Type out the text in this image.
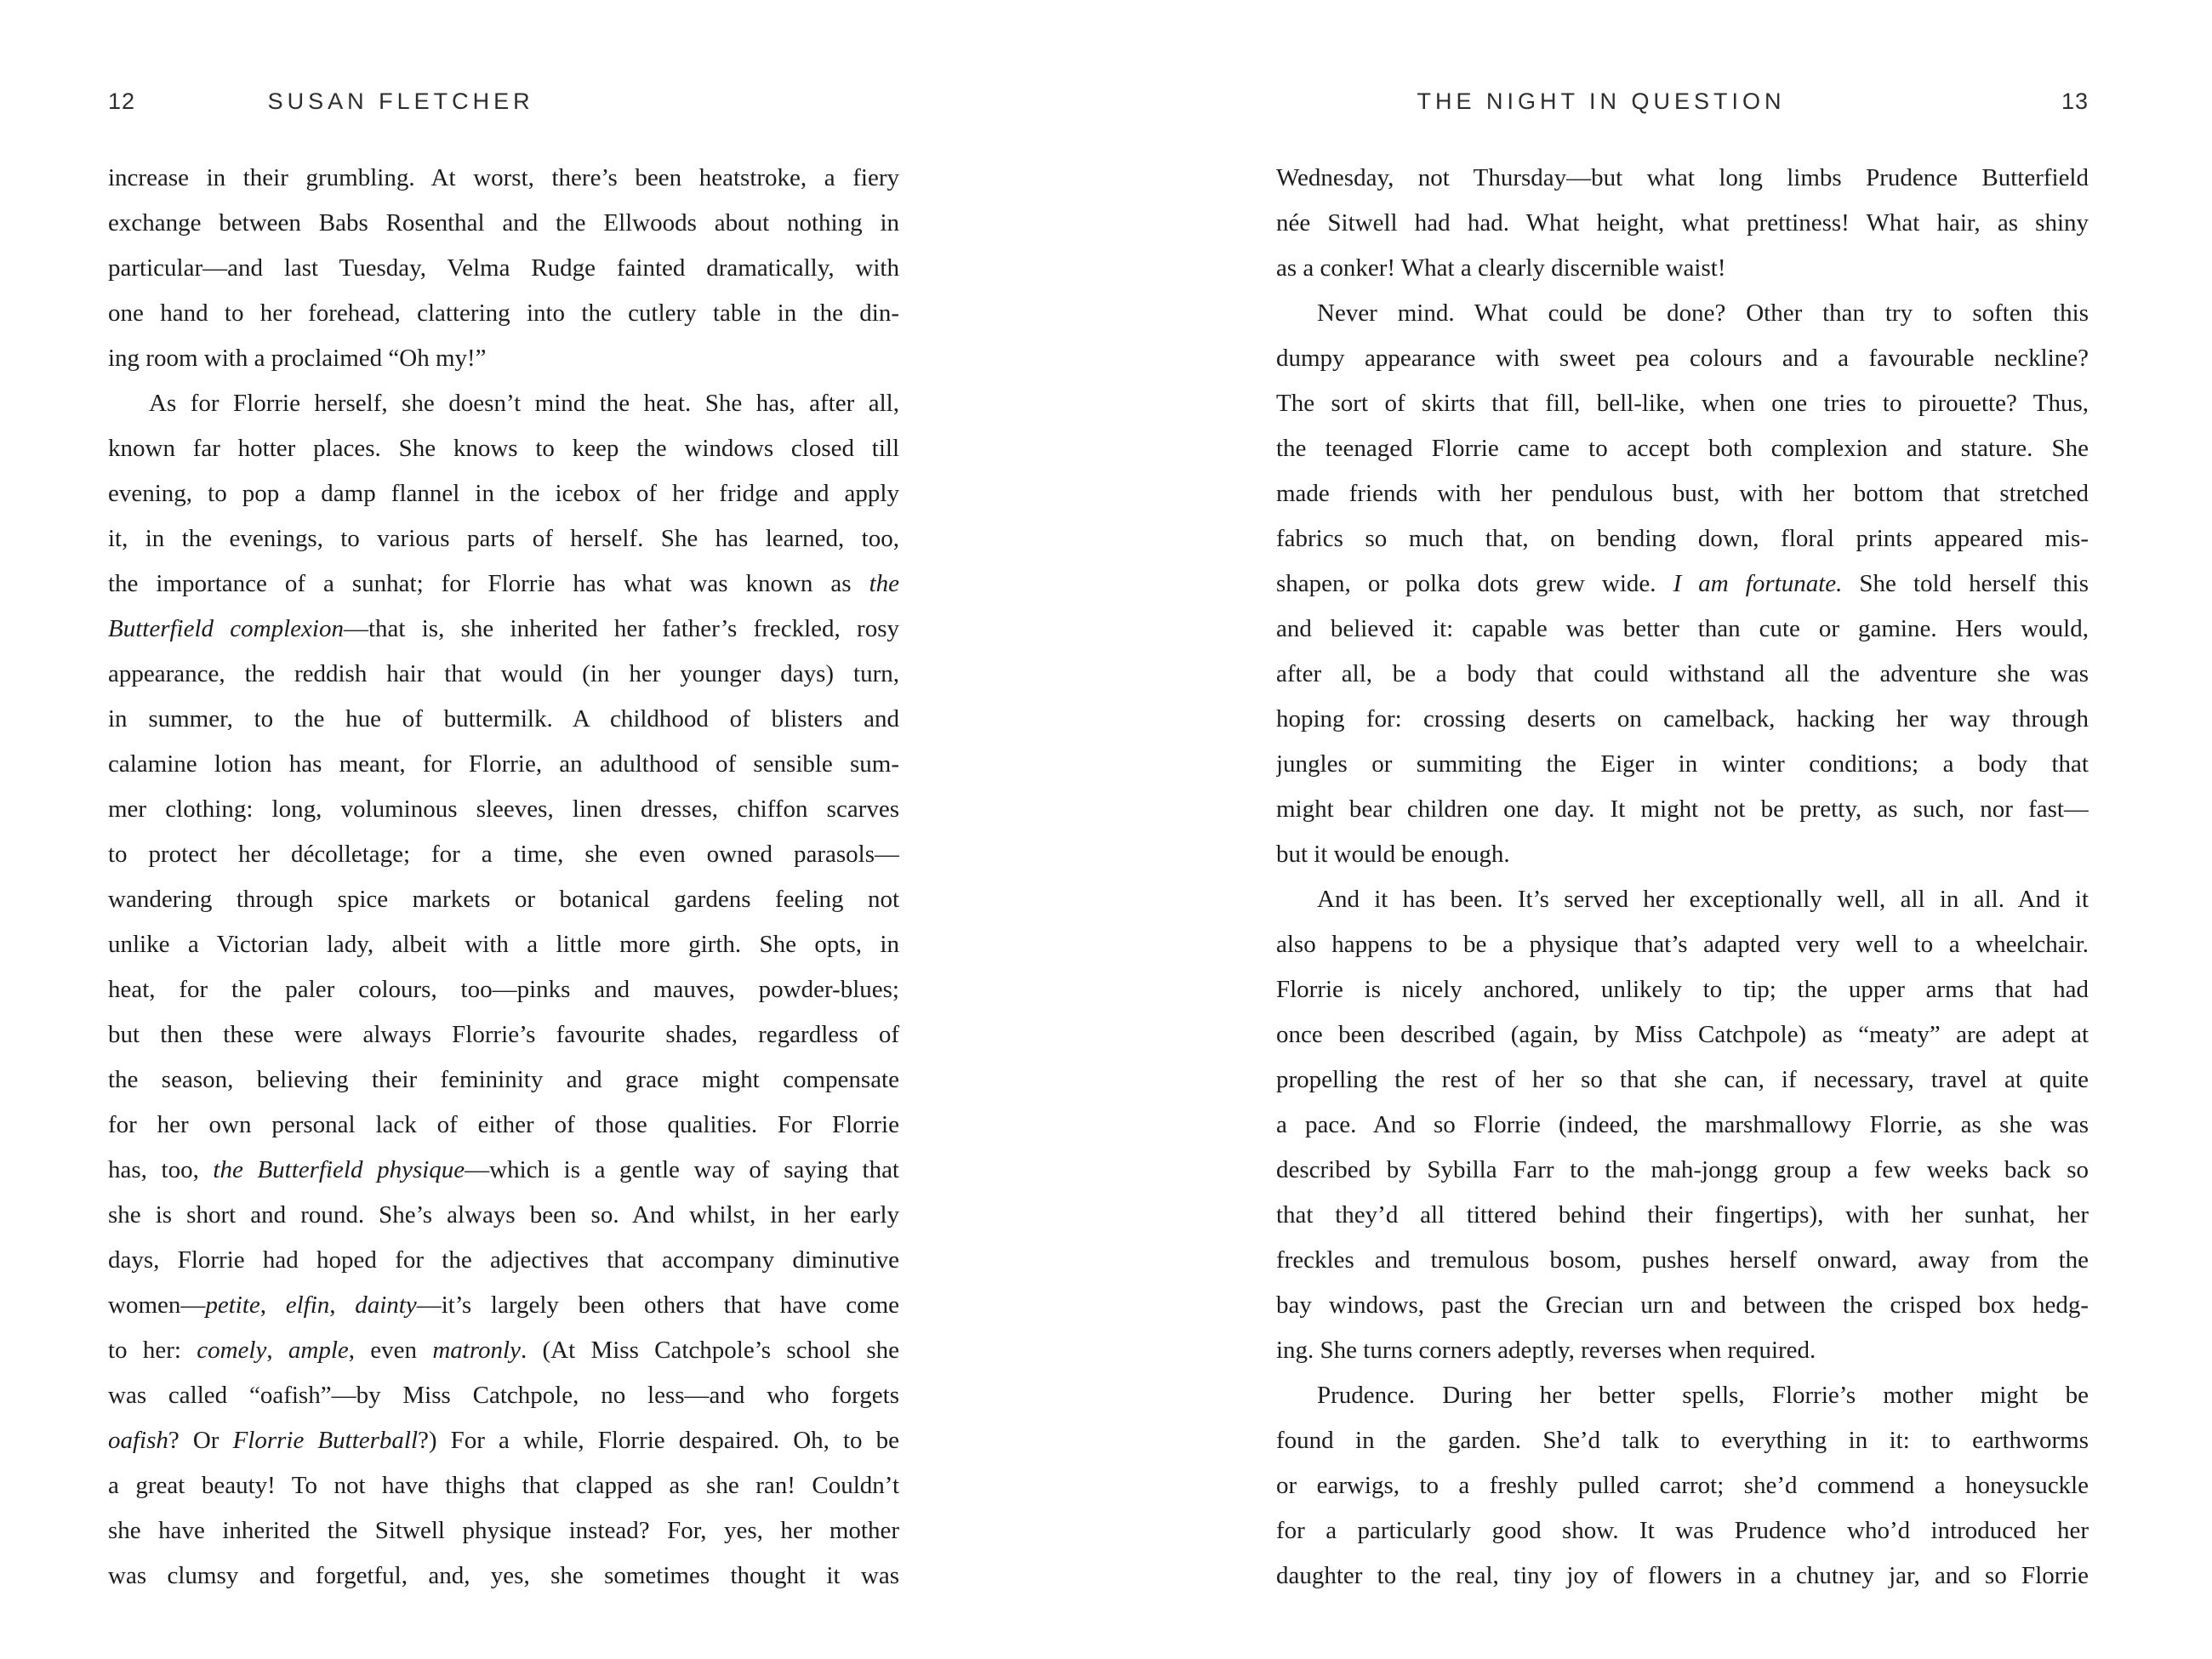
12	SUSAN FLETCHER
increase in their grumbling. At worst, there’s been heatstroke, a fiery
exchange between Babs Rosenthal and the Ellwoods about nothing in
particular—and last Tuesday, Velma Rudge fainted dramatically, with
one hand to her forehead, clattering into the cutlery table in the din-
ing room with a proclaimed “Oh my!”
As for Florrie herself, she doesn’t mind the heat. She has, after all,
known far hotter places. She knows to keep the windows closed till
evening, to pop a damp flannel in the icebox of her fridge and apply
it, in the evenings, to various parts of herself. She has learned, too,
the importance of a sunhat; for Florrie has what was known as the
Butterfield complexion—that is, she inherited her father’s freckled, rosy
appearance, the reddish hair that would (in her younger days) turn,
in summer, to the hue of buttermilk. A childhood of blisters and
calamine lotion has meant, for Florrie, an adulthood of sensible sum-
mer clothing: long, voluminous sleeves, linen dresses, chiffon scarves
to protect her décolletage; for a time, she even owned parasols—
wandering through spice markets or botanical gardens feeling not
unlike a Victorian lady, albeit with a little more girth. She opts, in
heat, for the paler colours, too—pinks and mauves, powder-blues;
but then these were always Florrie’s favourite shades, regardless of
the season, believing their femininity and grace might compensate
for her own personal lack of either of those qualities. For Florrie
has, too, the Butterfield physique—which is a gentle way of saying that
she is short and round. She’s always been so. And whilst, in her early
days, Florrie had hoped for the adjectives that accompany diminutive
women—petite, elfin, dainty—it’s largely been others that have come
to her: comely, ample, even matronly. (At Miss Catchpole’s school she
was called “oafish”—by Miss Catchpole, no less—and who forgets
oafish? Or Florrie Butterball?) For a while, Florrie despaired. Oh, to be
a great beauty! To not have thighs that clapped as she ran! Couldn’t
she have inherited the Sitwell physique instead? For, yes, her mother
was clumsy and forgetful, and, yes, she sometimes thought it was
THE NIGHT IN QUESTION	13
Wednesday, not Thursday—but what long limbs Prudence Butterfield
née Sitwell had had. What height, what prettiness! What hair, as shiny
as a conker! What a clearly discernible waist!
Never mind. What could be done? Other than try to soften this
dumpy appearance with sweet pea colours and a favourable neckline?
The sort of skirts that fill, bell-like, when one tries to pirouette? Thus,
the teenaged Florrie came to accept both complexion and stature. She
made friends with her pendulous bust, with her bottom that stretched
fabrics so much that, on bending down, floral prints appeared mis-
shapen, or polka dots grew wide. I am fortunate. She told herself this
and believed it: capable was better than cute or gamine. Hers would,
after all, be a body that could withstand all the adventure she was
hoping for: crossing deserts on camelback, hacking her way through
jungles or summiting the Eiger in winter conditions; a body that
might bear children one day. It might not be pretty, as such, nor fast—
but it would be enough.
And it has been. It’s served her exceptionally well, all in all. And it
also happens to be a physique that’s adapted very well to a wheelchair.
Florrie is nicely anchored, unlikely to tip; the upper arms that had
once been described (again, by Miss Catchpole) as “meaty” are adept at
propelling the rest of her so that she can, if necessary, travel at quite
a pace. And so Florrie (indeed, the marshmallowy Florrie, as she was
described by Sybilla Farr to the mah-jongg group a few weeks back so
that they’d all tittered behind their fingertips), with her sunhat, her
freckles and tremulous bosom, pushes herself onward, away from the
bay windows, past the Grecian urn and between the crisped box hedg-
ing. She turns corners adeptly, reverses when required.
Prudence. During her better spells, Florrie’s mother might be
found in the garden. She’d talk to everything in it: to earthworms
or earwigs, to a freshly pulled carrot; she’d commend a honeysuckle
for a particularly good show. It was Prudence who’d introduced her
daughter to the real, tiny joy of flowers in a chutney jar, and so Florrie
